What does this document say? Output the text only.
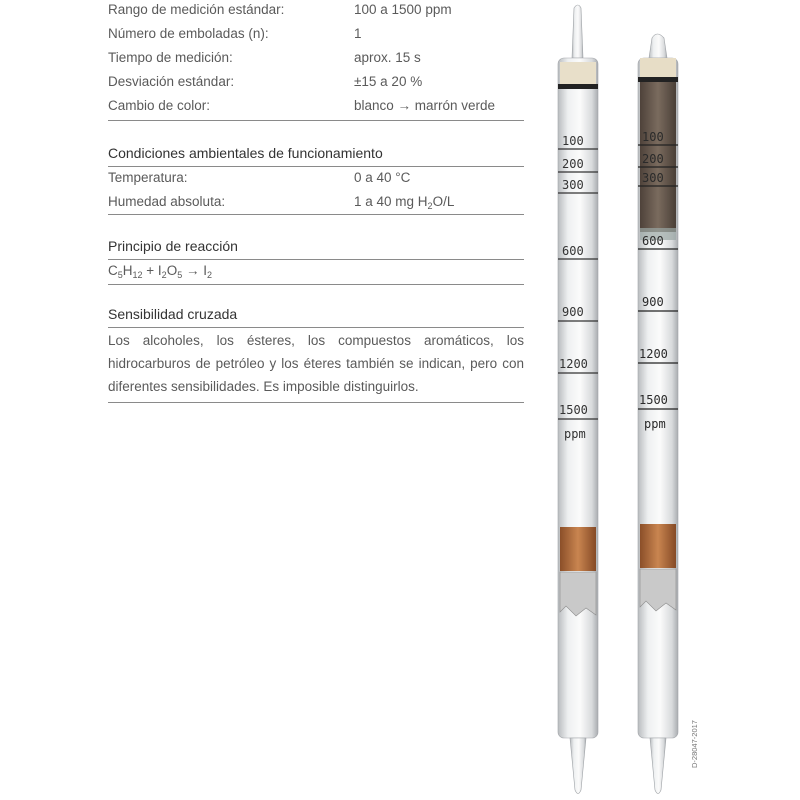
Rango de medición estándar:	100 a 1500 ppm
Número de emboladas (n):	1
Tiempo de medición:	aprox. 15 s
Desviación estándar:	±15 a 20 %
Cambio de color:	blanco → marrón verde
Condiciones ambientales de funcionamiento
Temperatura:	0 a 40 °C
Humedad absoluta:	1 a 40 mg $H_2O/L$
Principio de reacción
$C_5H_{12} + I_2O_5 \to I_2$
Sensibilidad cruzada
Los alcoholes, los ésteres, los compuestos aromáticos, los hidrocarburos de petróleo y los éteres también se indican, pero con diferentes sensibilidades. Es imposible distinguirlos.
100
200
300
600
900
1200
1500
ppm
100
200
300
600
900
1200
1500
ppm
D-28047-2017
